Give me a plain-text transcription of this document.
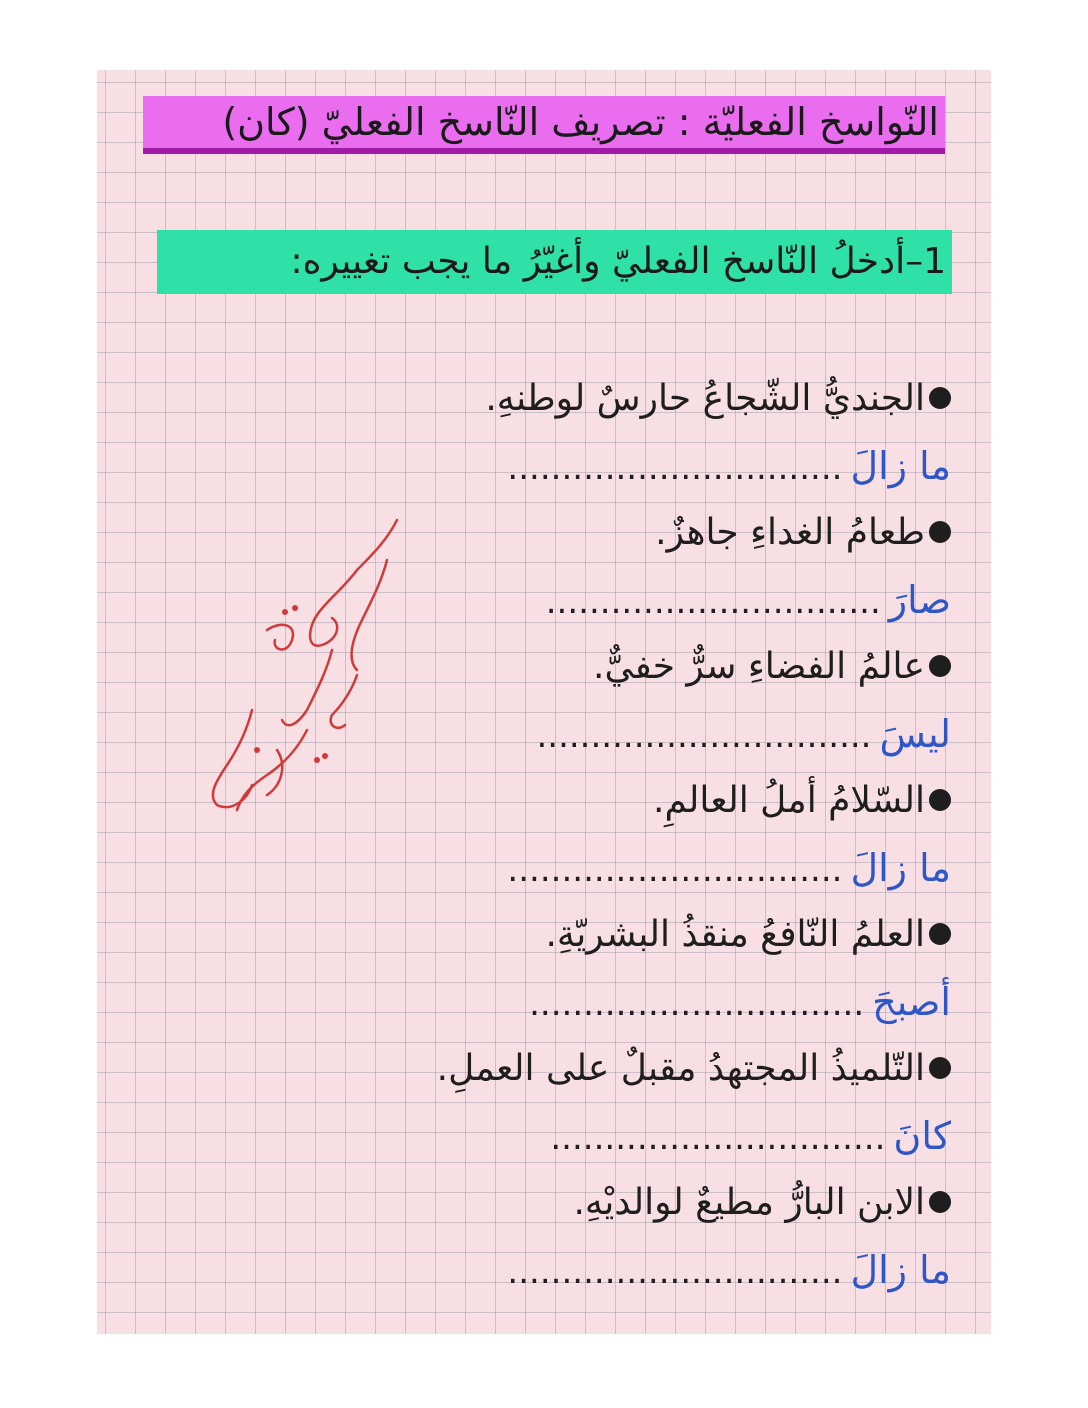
النّواسخ الفعليّة : تصريف النّاسخ الفعليّ (كان)
1–أدخلُ النّاسخ الفعليّ وأغيّرُ ما يجب تغييره:
الجنديُّ الشّجاعُ حارسٌ لوطنهِ.
ما زالَ...............................
طعامُ الغداءِ جاهزٌ.
صارَ...............................
عالمُ الفضاءِ سرٌّ خفيٌّ.
ليسَ...............................
السّلامُ أملُ العالمِ.
ما زالَ...............................
العلمُ النّافعُ منقذُ البشريّةِ.
أصبحَ...............................
التّلميذُ المجتهدُ مقبلٌ على العملِ.
كانَ...............................
الابن البارُّ مطيعٌ لوالديْهِ.
ما زالَ...............................
